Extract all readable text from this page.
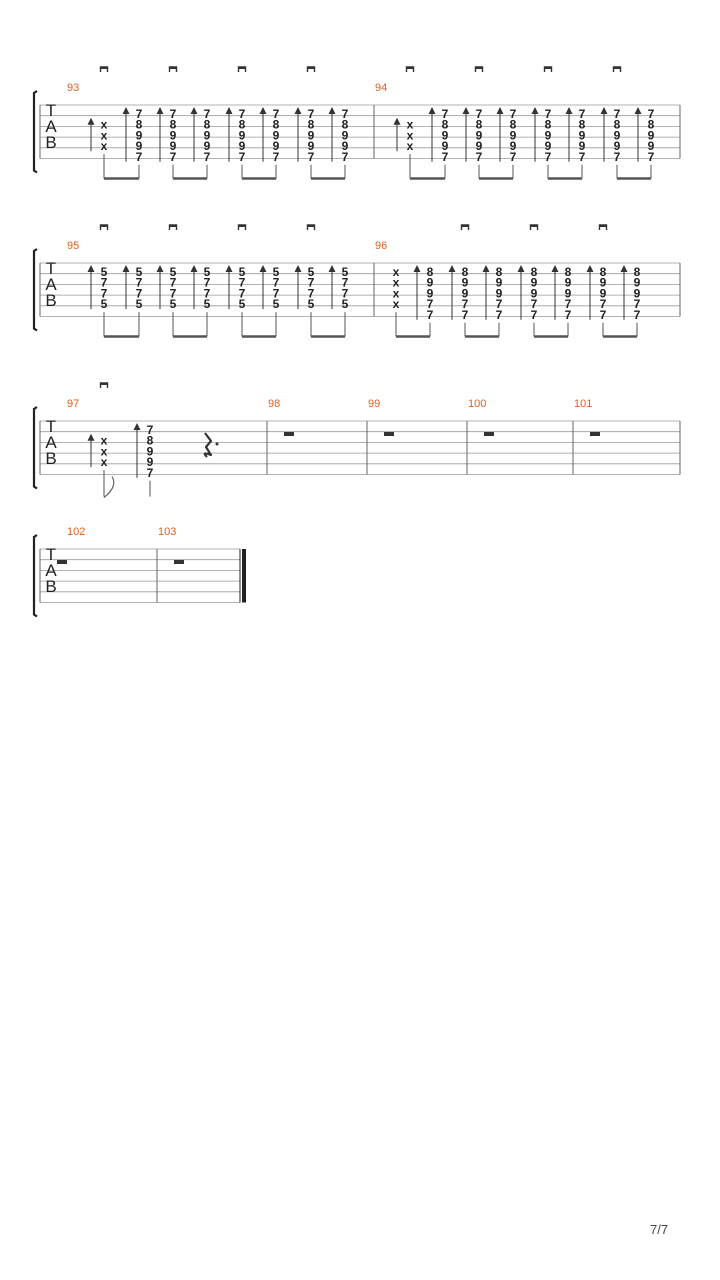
T
A
B
93
x
x
x
7
8
9
9
7
7
8
9
9
7
7
8
9
9
7
7
8
9
9
7
7
8
9
9
7
7
8
9
9
7
7
8
9
9
7
94
x
x
x
7
8
9
9
7
7
8
9
9
7
7
8
9
9
7
7
8
9
9
7
7
8
9
9
7
7
8
9
9
7
7
8
9
9
7
T
A
B
95
5
7
7
5
5
7
7
5
5
7
7
5
5
7
7
5
5
7
7
5
5
7
7
5
5
7
7
5
5
7
7
5
96
x
x
x
x
8
9
9
7
7
8
9
9
7
7
8
9
9
7
7
8
9
9
7
7
8
9
9
7
7
8
9
9
7
7
8
9
9
7
7
T
A
B
97
x
x
x
7
8
9
9
7
98	99	100	101
T
A
B
102	103
7/7
